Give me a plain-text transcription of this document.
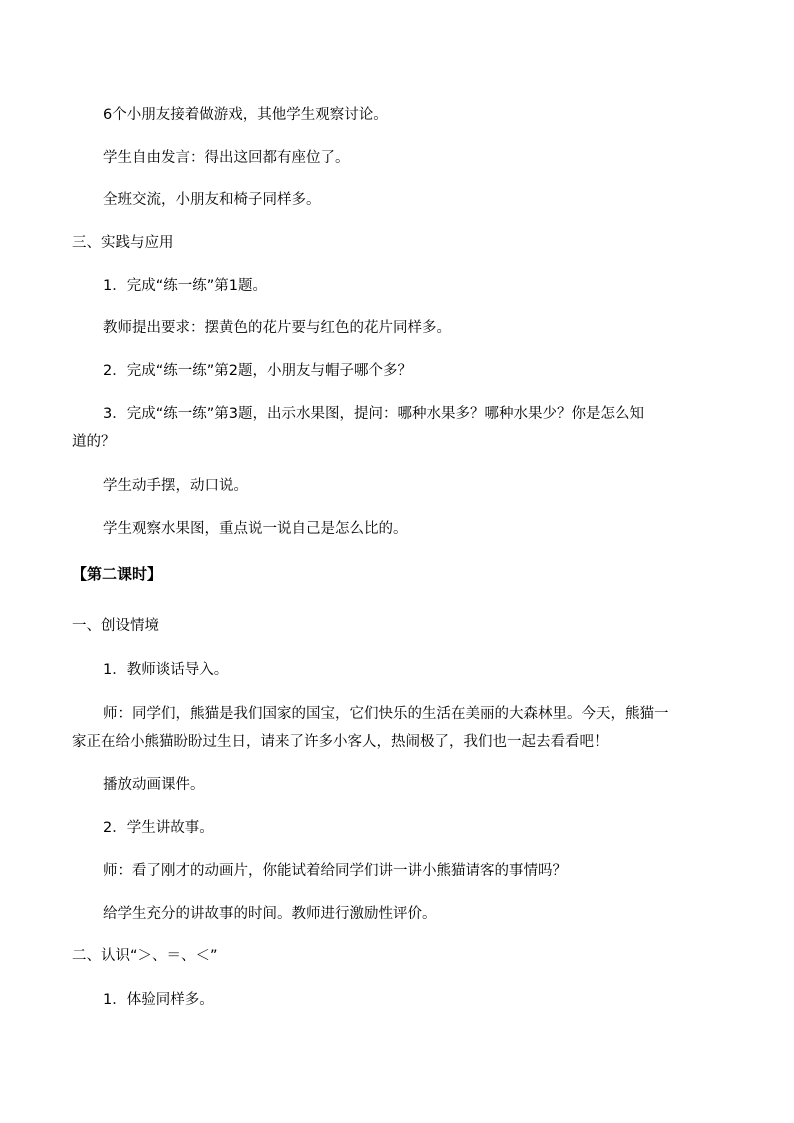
6个小朋友接着做游戏，其他学生观察讨论。
学生自由发言：得出这回都有座位了。
全班交流，小朋友和椅子同样多。
三、实践与应用
1．完成“练一练”第1题。
教师提出要求：摆黄色的花片要与红色的花片同样多。
2．完成“练一练”第2题，小朋友与帽子哪个多？
3．完成“练一练”第3题，出示水果图，提问：哪种水果多？哪种水果少？你是怎么知
道的？
学生动手摆，动口说。
学生观察水果图，重点说一说自己是怎么比的。
【第二课时】
一、创设情境
1．教师谈话导入。
师：同学们，熊猫是我们国家的国宝，它们快乐的生活在美丽的大森林里。今天，熊猫一
家正在给小熊猫盼盼过生日，请来了许多小客人，热闹极了，我们也一起去看看吧！
播放动画课件。
2．学生讲故事。
师：看了刚才的动画片，你能试着给同学们讲一讲小熊猫请客的事情吗？
给学生充分的讲故事的时间。教师进行激励性评价。
二、认识“＞、＝、＜”
1．体验同样多。
